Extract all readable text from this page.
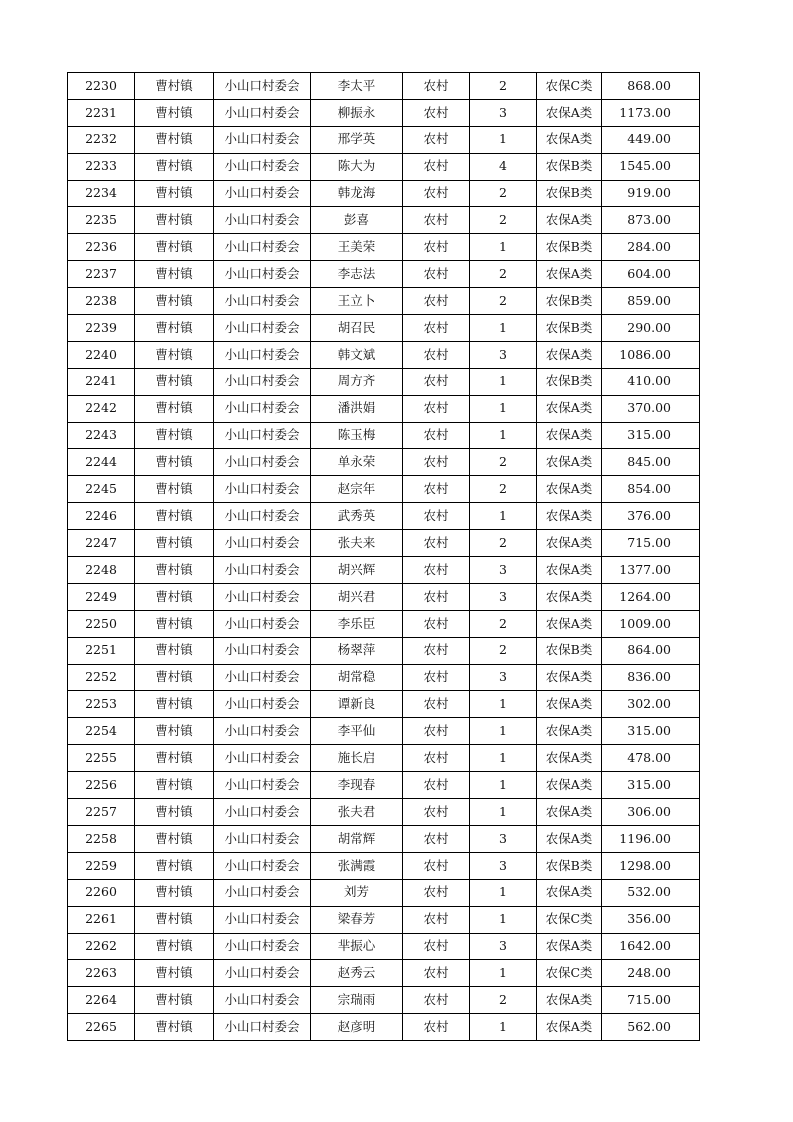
2230	曹村镇	小山口村委会	李太平	农村	2	农保C类	868.00
2231	曹村镇	小山口村委会	柳振永	农村	3	农保A类	1173.00
2232	曹村镇	小山口村委会	邢学英	农村	1	农保A类	449.00
2233	曹村镇	小山口村委会	陈大为	农村	4	农保B类	1545.00
2234	曹村镇	小山口村委会	韩龙海	农村	2	农保B类	919.00
2235	曹村镇	小山口村委会	彭喜	农村	2	农保A类	873.00
2236	曹村镇	小山口村委会	王美荣	农村	1	农保B类	284.00
2237	曹村镇	小山口村委会	李志法	农村	2	农保A类	604.00
2238	曹村镇	小山口村委会	王立卜	农村	2	农保B类	859.00
2239	曹村镇	小山口村委会	胡召民	农村	1	农保B类	290.00
2240	曹村镇	小山口村委会	韩文斌	农村	3	农保A类	1086.00
2241	曹村镇	小山口村委会	周方齐	农村	1	农保B类	410.00
2242	曹村镇	小山口村委会	潘洪娟	农村	1	农保A类	370.00
2243	曹村镇	小山口村委会	陈玉梅	农村	1	农保A类	315.00
2244	曹村镇	小山口村委会	单永荣	农村	2	农保A类	845.00
2245	曹村镇	小山口村委会	赵宗年	农村	2	农保A类	854.00
2246	曹村镇	小山口村委会	武秀英	农村	1	农保A类	376.00
2247	曹村镇	小山口村委会	张夫来	农村	2	农保A类	715.00
2248	曹村镇	小山口村委会	胡兴辉	农村	3	农保A类	1377.00
2249	曹村镇	小山口村委会	胡兴君	农村	3	农保A类	1264.00
2250	曹村镇	小山口村委会	李乐臣	农村	2	农保A类	1009.00
2251	曹村镇	小山口村委会	杨翠萍	农村	2	农保B类	864.00
2252	曹村镇	小山口村委会	胡常稳	农村	3	农保A类	836.00
2253	曹村镇	小山口村委会	谭新良	农村	1	农保A类	302.00
2254	曹村镇	小山口村委会	李平仙	农村	1	农保A类	315.00
2255	曹村镇	小山口村委会	施长启	农村	1	农保A类	478.00
2256	曹村镇	小山口村委会	李现春	农村	1	农保A类	315.00
2257	曹村镇	小山口村委会	张夫君	农村	1	农保A类	306.00
2258	曹村镇	小山口村委会	胡常辉	农村	3	农保A类	1196.00
2259	曹村镇	小山口村委会	张满霞	农村	3	农保B类	1298.00
2260	曹村镇	小山口村委会	刘芳	农村	1	农保A类	532.00
2261	曹村镇	小山口村委会	梁春芳	农村	1	农保C类	356.00
2262	曹村镇	小山口村委会	芈振心	农村	3	农保A类	1642.00
2263	曹村镇	小山口村委会	赵秀云	农村	1	农保C类	248.00
2264	曹村镇	小山口村委会	宗瑞雨	农村	2	农保A类	715.00
2265	曹村镇	小山口村委会	赵彦明	农村	1	农保A类	562.00
